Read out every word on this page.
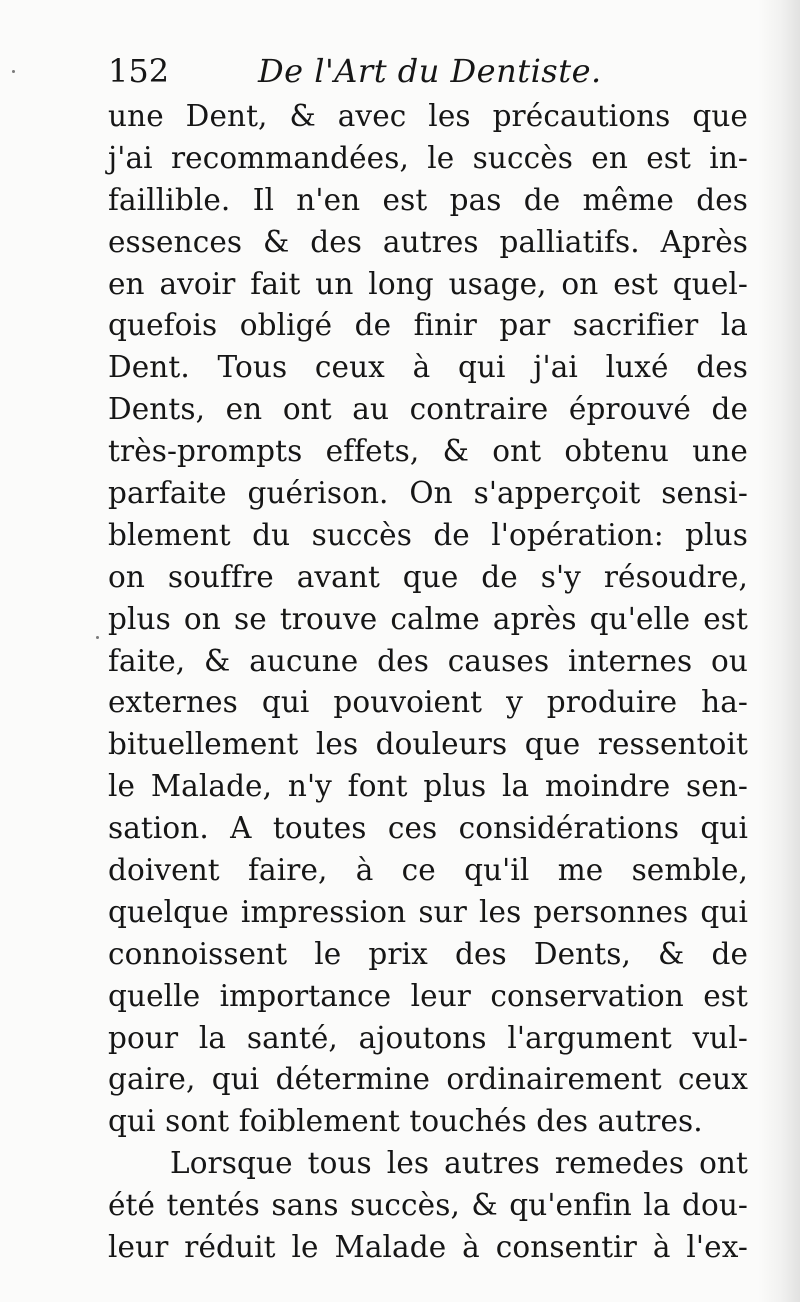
152	De l'Art du Dentiste.
une Dent, & avec les précautions que
j'ai recommandées, le succès en est in-
faillible. Il n'en est pas de même des
essences & des autres palliatifs. Après
en avoir fait un long usage, on est quel-
quefois obligé de finir par sacrifier la
Dent. Tous ceux à qui j'ai luxé des
Dents, en ont au contraire éprouvé de
très-prompts effets, & ont obtenu une
parfaite guérison. On s'apperçoit sensi-
blement du succès de l'opération: plus
on souffre avant que de s'y résoudre,
plus on se trouve calme après qu'elle est
faite, & aucune des causes internes ou
externes qui pouvoient y produire ha-
bituellement les douleurs que ressentoit
le Malade, n'y font plus la moindre sen-
sation. A toutes ces considérations qui
doivent faire, à ce qu'il me semble,
quelque impression sur les personnes qui
connoissent le prix des Dents, & de
quelle importance leur conservation est
pour la santé, ajoutons l'argument vul-
gaire, qui détermine ordinairement ceux
qui sont foiblement touchés des autres.
Lorsque tous les autres remedes ont
été tentés sans succès, & qu'enfin la dou-
leur réduit le Malade à consentir à l'ex-
